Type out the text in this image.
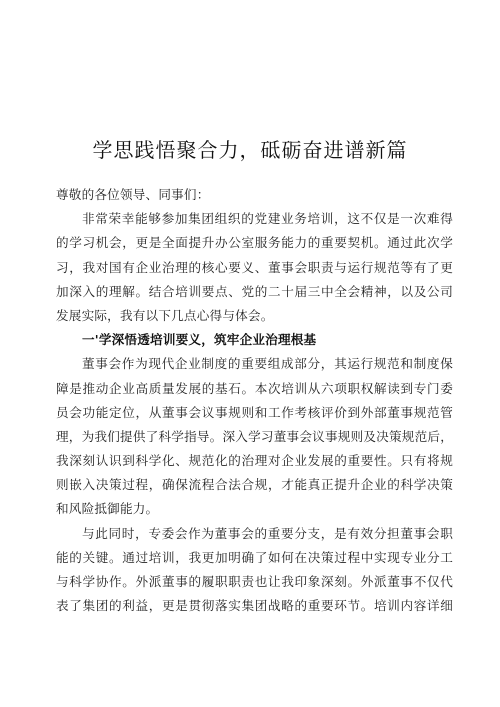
学思践悟聚合力，砥砺奋进谱新篇
尊敬的各位领导、同事们：
非常荣幸能够参加集团组织的党建业务培训，这不仅是一次难得
的学习机会，更是全面提升办公室服务能力的重要契机。通过此次学
习，我对国有企业治理的核心要义、董事会职责与运行规范等有了更
加深入的理解。结合培训要点、党的二十届三中全会精神，以及公司
发展实际，我有以下几点心得与体会。
一'学深悟透培训要义，筑牢企业治理根基
董事会作为现代企业制度的重要组成部分，其运行规范和制度保
障是推动企业高质量发展的基石。本次培训从六项职权解读到专门委
员会功能定位，从董事会议事规则和工作考核评价到外部董事规范管
理，为我们提供了科学指导。深入学习董事会议事规则及决策规范后，
我深刻认识到科学化、规范化的治理对企业发展的重要性。只有将规
则嵌入决策过程，确保流程合法合规，才能真正提升企业的科学决策
和风险抵御能力。
与此同时，专委会作为董事会的重要分支，是有效分担董事会职
能的关键。通过培训，我更加明确了如何在决策过程中实现专业分工
与科学协作。外派董事的履职职责也让我印象深刻。外派董事不仅代
表了集团的利益，更是贯彻落实集团战略的重要环节。培训内容详细
